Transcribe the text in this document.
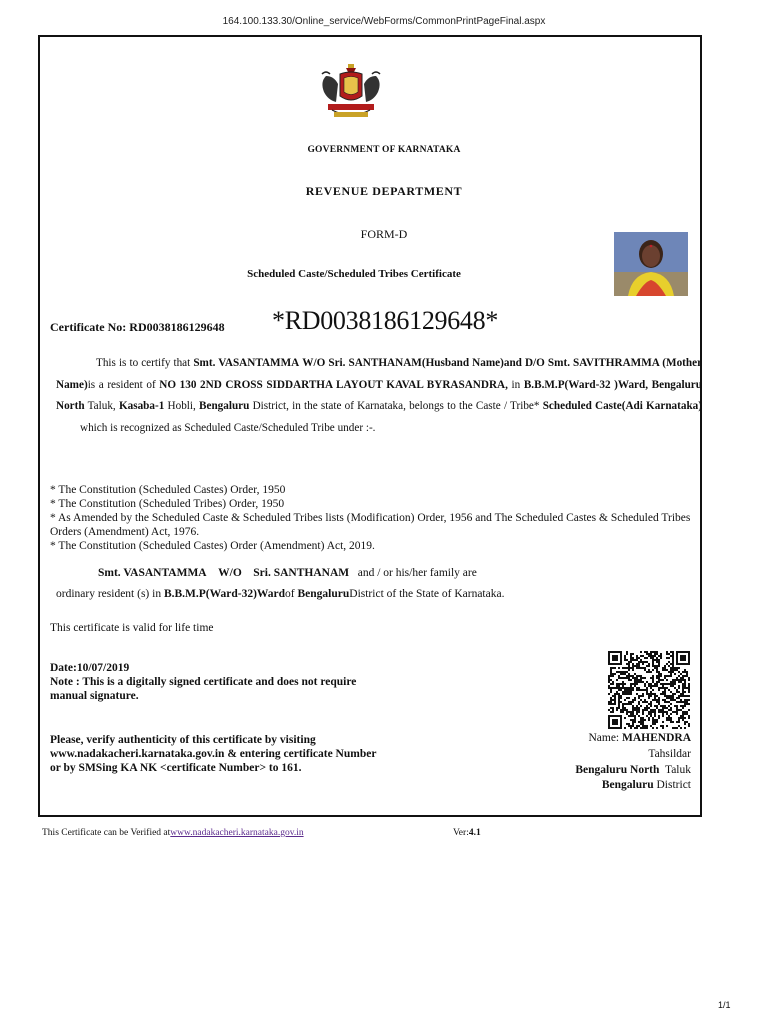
164.100.133.30/Online_service/WebForms/CommonPrintPageFinal.aspx
GOVERNMENT OF KARNATAKA
REVENUE DEPARTMENT
FORM-D
Scheduled Caste/Scheduled Tribes Certificate
Certificate No: RD0038186129648 *RD0038186129648*
This is to certify that Smt. VASANTAMMA W/O Sri. SANTHANAM(Husband Name)and D/O Smt. SAVITHRAMMA (Mother Name)is a resident of NO 130 2ND CROSS SIDDARTHA LAYOUT KAVAL BYRASANDRA, in B.B.M.P(Ward-32 )Ward, Bengaluru North Taluk, Kasaba-1 Hobli, Bengaluru District, in the state of Karnataka, belongs to the Caste / Tribe* Scheduled Caste(Adi Karnataka) which is recognized as Scheduled Caste/Scheduled Tribe under :-.
* The Constitution (Scheduled Castes) Order, 1950
* The Constitution (Scheduled Tribes) Order, 1950
* As Amended by the Scheduled Caste & Scheduled Tribes lists (Modification) Order, 1956 and The Scheduled Castes & Scheduled Tribes Orders (Amendment) Act, 1976.
* The Constitution (Scheduled Castes) Order (Amendment) Act, 2019.
Smt. VASANTAMMA W/O Sri. SANTHANAM and / or his/her family are
ordinary resident (s) in B.B.M.P(Ward-32)Wardof BengaluruDistrict of the State of Karnataka.
This certificate is valid for life time
Date:10/07/2019
Note : This is a digitally signed certificate and does not require manual signature.
Please, verify authenticity of this certificate by visiting www.nadakacheri.karnataka.gov.in & entering certificate Number or by SMSing KA NK <certificate Number> to 161.
Name: MAHENDRA
Tahsildar
Bengaluru North Taluk
Bengaluru District
This Certificate can be Verified atwww.nadakacheri.karnataka.gov.in	Ver:4.1
1/1
